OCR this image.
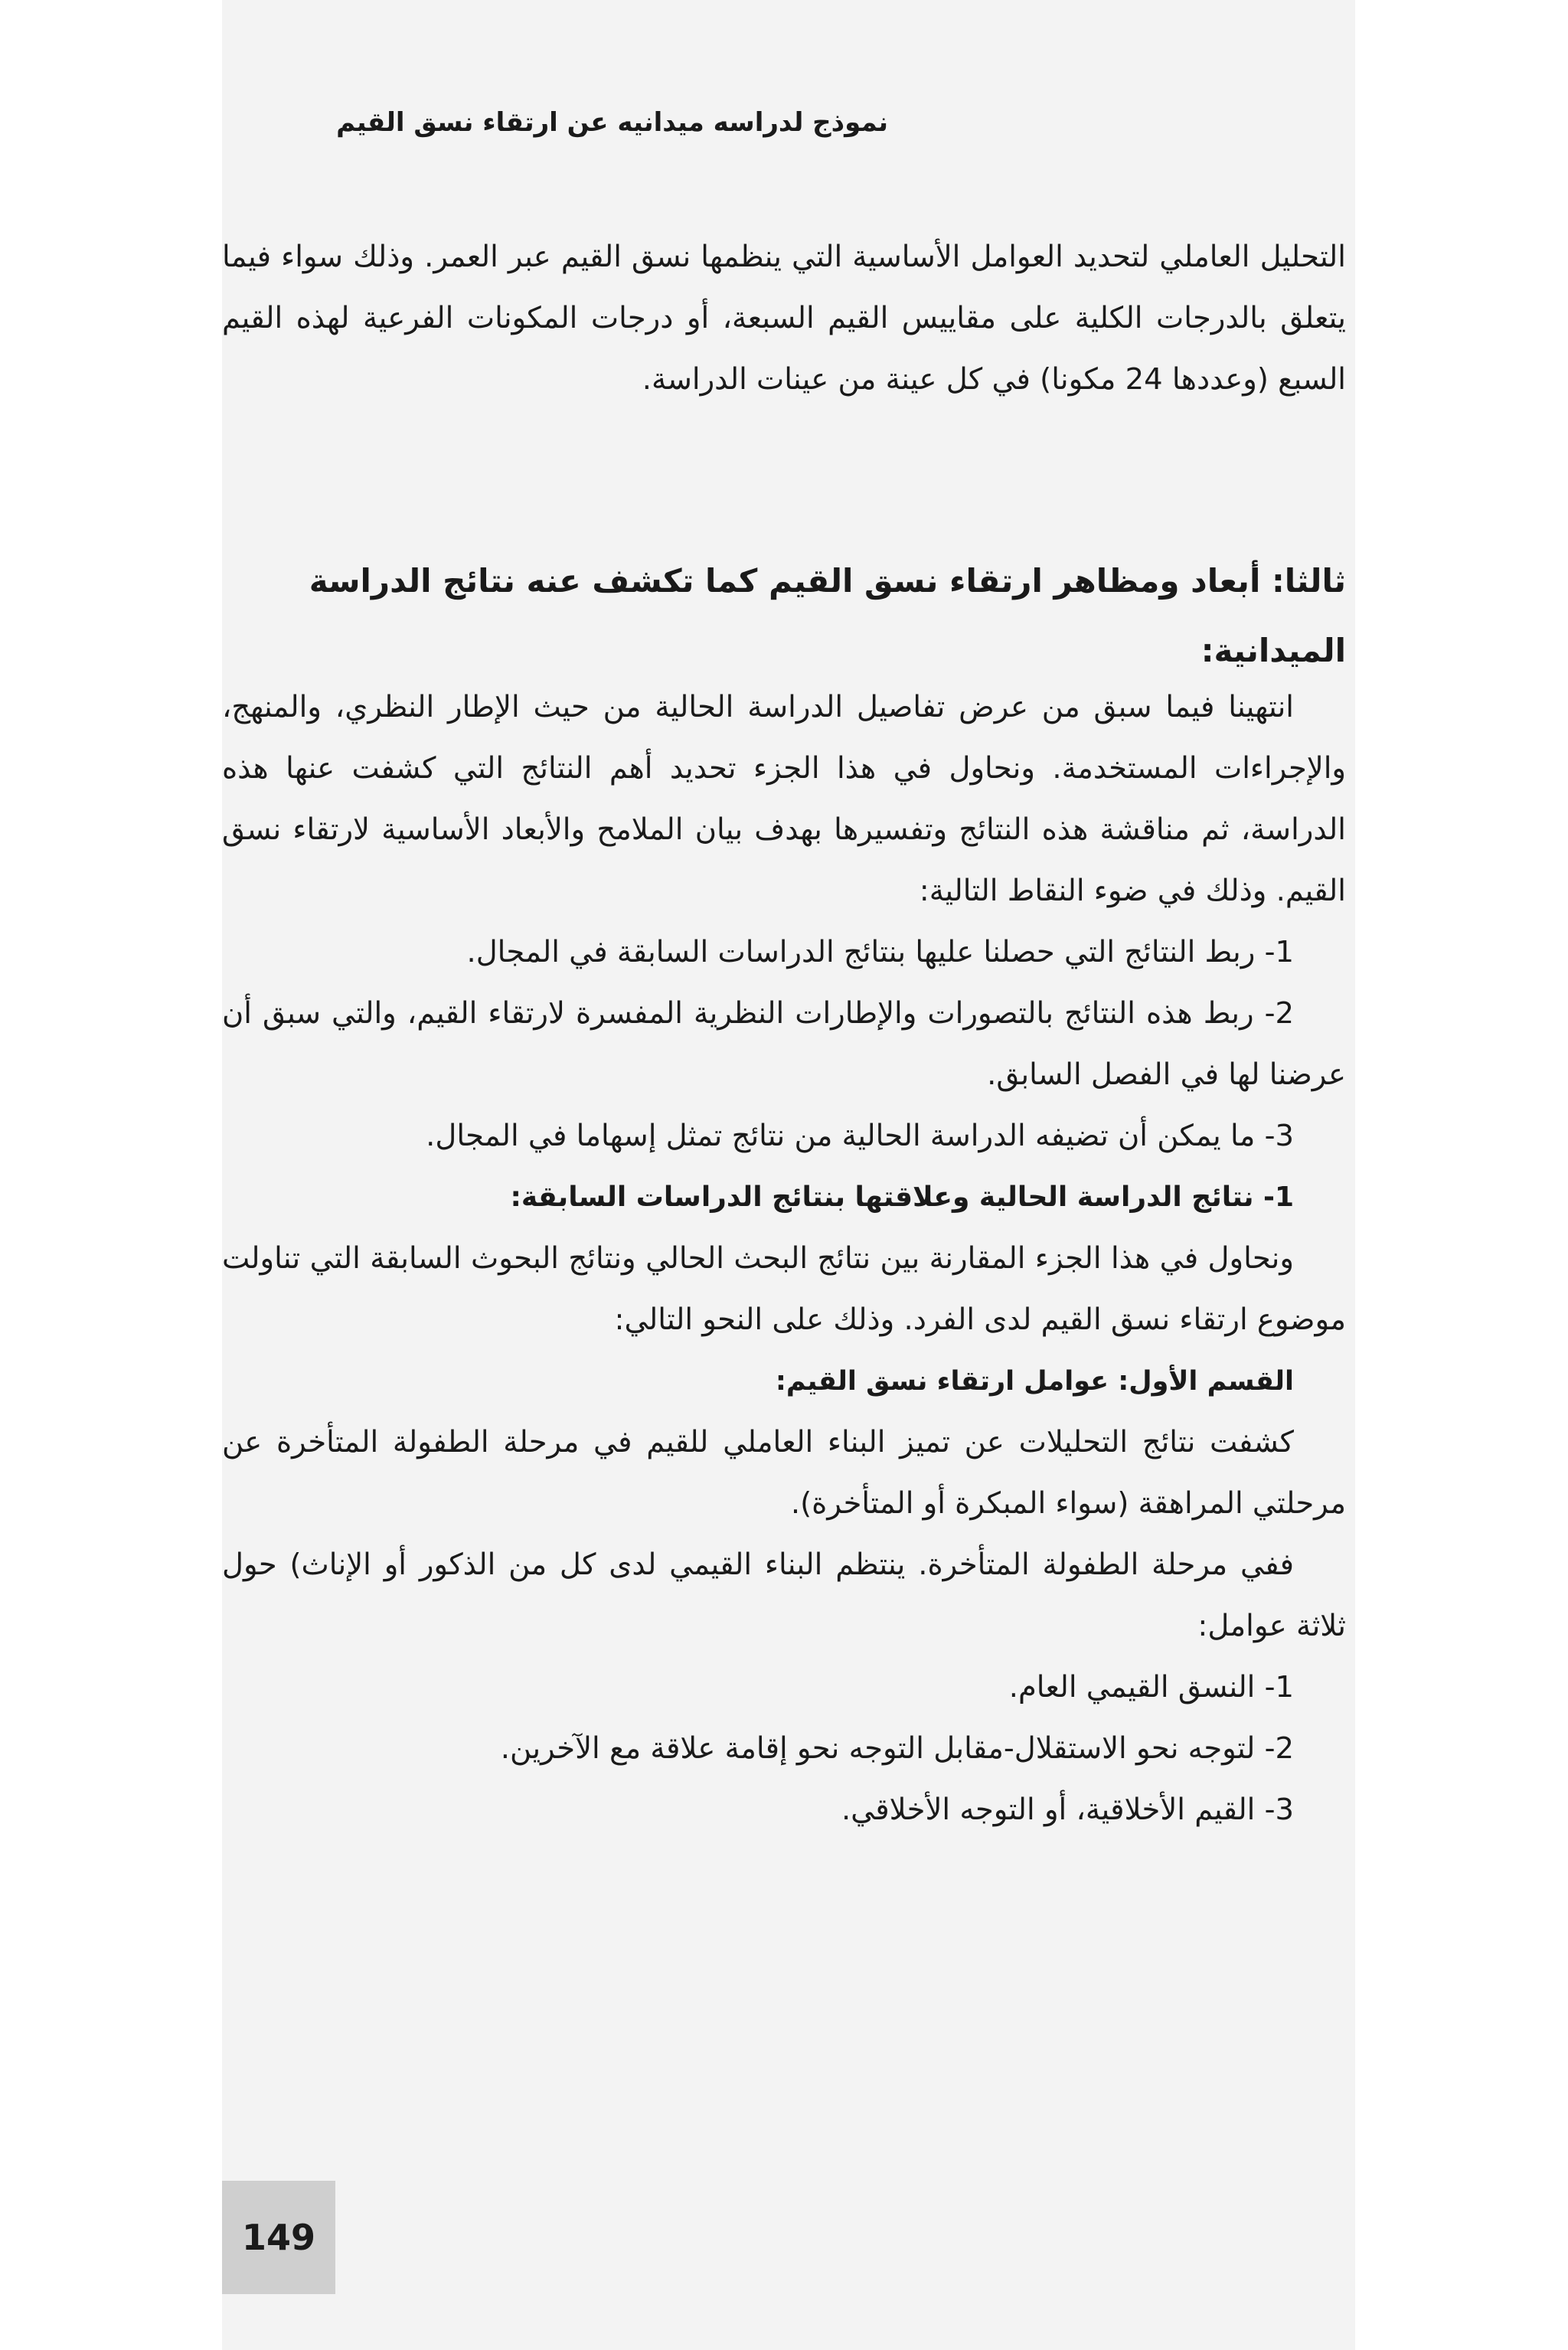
نموذج لدراسه ميدانيه عن ارتقاء نسق القيم

التحليل العاملي لتحديد العوامل الأساسية التي ينظمها نسق القيم عبر العمر. وذلك سواء فيما يتعلق بالدرجات الكلية على مقاييس القيم السبعة، أو درجات المكونات الفرعية لهذه القيم السبع (وعددها 24 مكونا) في كل عينة من عينات الدراسة.

ثالثا: أبعاد ومظاهر ارتقاء نسق القيم كما تكشف عنه نتائج الدراسة
الميدانية:

انتهينا فيما سبق من عرض تفاصيل الدراسة الحالية من حيث الإطار النظري، والمنهج، والإجراءات المستخدمة. ونحاول في هذا الجزء تحديد أهم النتائج التي كشفت عنها هذه الدراسة، ثم مناقشة هذه النتائج وتفسيرها بهدف بيان الملامح والأبعاد الأساسية لارتقاء نسق القيم. وذلك في ضوء النقاط التالية:

1- ربط النتائج التي حصلنا عليها بنتائج الدراسات السابقة في المجال.

2- ربط هذه النتائج بالتصورات والإطارات النظرية المفسرة لارتقاء القيم، والتي سبق أن عرضنا لها في الفصل السابق.

3- ما يمكن أن تضيفه الدراسة الحالية من نتائج تمثل إسهاما في المجال.

1- نتائج الدراسة الحالية وعلاقتها بنتائج الدراسات السابقة:

ونحاول في هذا الجزء المقارنة بين نتائج البحث الحالي ونتائج البحوث السابقة التي تناولت موضوع ارتقاء نسق القيم لدى الفرد. وذلك على النحو التالي:

القسم الأول: عوامل ارتقاء نسق القيم:

كشفت نتائج التحليلات عن تميز البناء العاملي للقيم في مرحلة الطفولة المتأخرة عن مرحلتي المراهقة (سواء المبكرة أو المتأخرة).

ففي مرحلة الطفولة المتأخرة. ينتظم البناء القيمي لدى كل من الذكور أو الإناث) حول ثلاثة عوامل:

1- النسق القيمي العام.

2- لتوجه نحو الاستقلال-مقابل التوجه نحو إقامة علاقة مع الآخرين.

3- القيم الأخلاقية، أو التوجه الأخلاقي.

149
